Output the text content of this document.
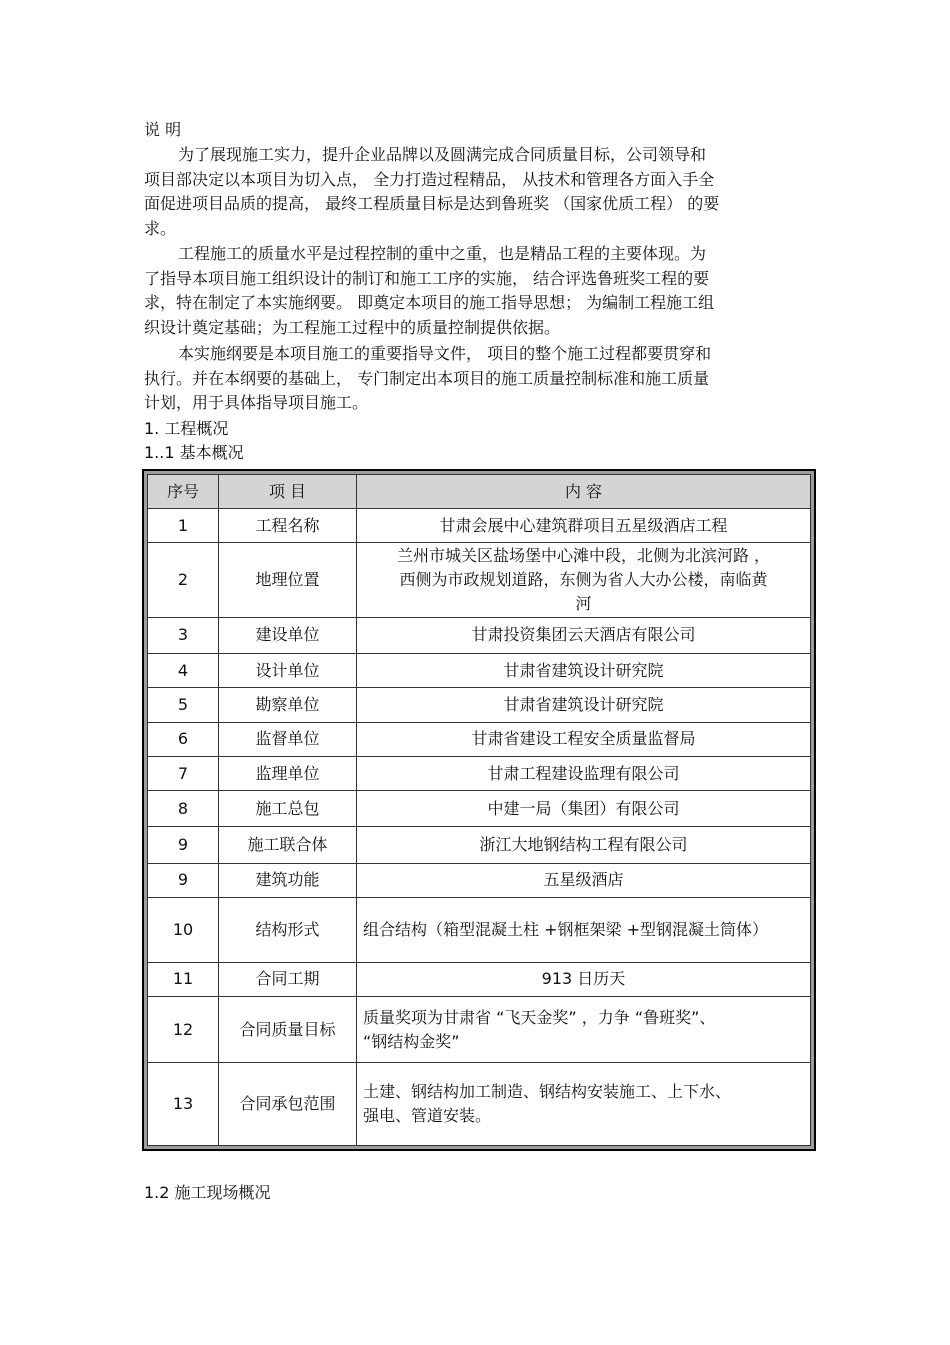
说 明
为了展现施工实力，提升企业品牌以及圆满完成合同质量目标，公司领导和
项目部决定以本项目为切入点， 全力打造过程精品， 从技术和管理各方面入手全
面促进项目品质的提高， 最终工程质量目标是达到鲁班奖 （国家优质工程） 的要
求。
工程施工的质量水平是过程控制的重中之重，也是精品工程的主要体现。为
了指导本项目施工组织设计的制订和施工工序的实施， 结合评选鲁班奖工程的要
求，特在制定了本实施纲要。 即奠定本项目的施工指导思想； 为编制工程施工组
织设计奠定基础；为工程施工过程中的质量控制提供依据。
本实施纲要是本项目施工的重要指导文件， 项目的整个施工过程都要贯穿和
执行。并在本纲要的基础上， 专门制定出本项目的施工质量控制标准和施工质量
计划，用于具体指导项目施工。
1. 工程概况
1..1 基本概况
序号	项 目	内 容
1	工程名称	甘肃会展中心建筑群项目五星级酒店工程

2	地理位置	兰州市城关区盐场堡中心滩中段，北侧为北滨河路 ，
西侧为市政规划道路，东侧为省人大办公楼，南临黄
河

3	建设单位	甘肃投资集团云天酒店有限公司

4	设计单位	甘肃省建筑设计研究院

5	勘察单位	甘肃省建筑设计研究院

6	监督单位	甘肃省建设工程安全质量监督局

7	监理单位	甘肃工程建设监理有限公司

8	施工总包	中建一局（集团）有限公司

9	施工联合体	浙江大地钢结构工程有限公司

9	建筑功能	五星级酒店

10	结构形式	组合结构（箱型混凝土柱 +钢框架梁 +型钢混凝土筒体）

11	合同工期	913 日历天

12	合同质量目标	质量奖项为甘肃省 “飞天金奖” ，力争 “鲁班奖”、
“钢结构金奖”

13	合同承包范围	土建、钢结构加工制造、钢结构安装施工、上下水、
强电、管道安装。
1.2 施工现场概况
